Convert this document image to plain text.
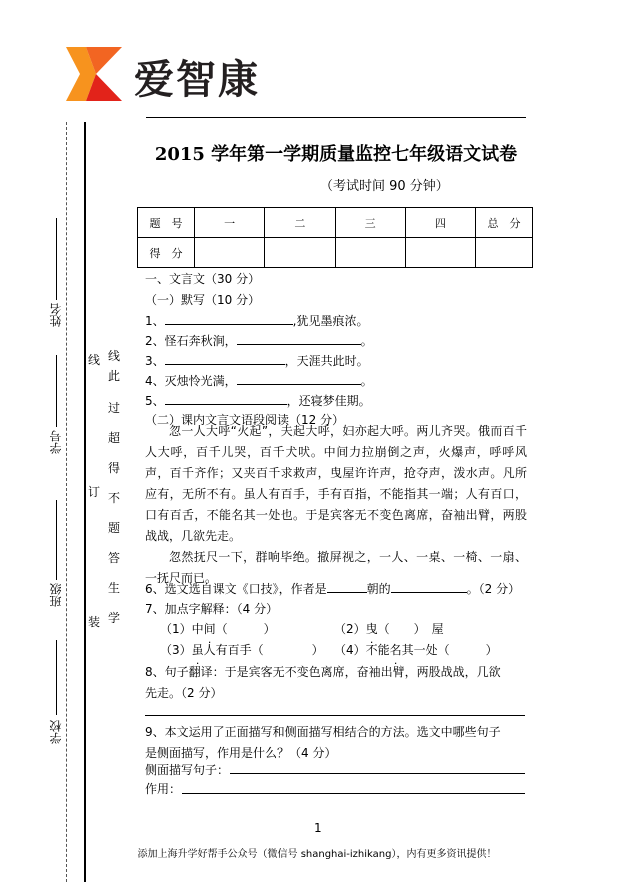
爱智康
姓名
学号
班级
学校
线
订
装
线
此
过
超
得
不
题
答
生
学
2015 学年第一学期质量监控七年级语文试卷
（考试时间 90 分钟）
题　号	一	二	三	四	总　分
得　分					
一、文言文（30 分）
（一）默写（10 分）
1、	,犹见墨痕浓。
2、怪石奔秋涧，	。
3、	，天涯共此时。
4、灭烛怜光满，	。
5、	，还寝梦佳期。
（二）课内文言文语段阅读（12 分）

忽一人大呼“火起”，夫起大呼，妇亦起大呼。两儿齐哭。俄而百千人大呼，百千儿哭，百千犬吠。中间力拉崩倒之声，火爆声，呼呼风声，百千齐作；又夹百千求救声，曳屋许许声，抢夺声，泼水声。凡所应有，无所不有。虽人有百手，手有百指，不能指其一端；人有百口，口有百舌，不能名其一处也。于是宾客无不变色离席，奋袖出臂，两股战战，几欲先走。

忽然抚尺一下，群响毕绝。撤屏视之，一人、一桌、一椅、一扇、一抚尺而已。

6、选文选自课文《口技》，作者是	朝的	。（2 分）
7、加点字解释：（4 分）
（1）中间（　　　）	（2）曳（　　）　屋
（3）虽人有百手（　　　　） （4）不能名其一处（　　　）
8、句子翻译：于是宾客无不变色离席，奋袖出臂，两股战战，几欲
先走。（2 分）
9、本文运用了正面描写和侧面描写相结合的方法。选文中哪些句子
是侧面描写，作用是什么？（4 分）
侧面描写句子：
作用：
1
添加上海升学好帮手公众号（微信号 shanghai-izhikang），内有更多资讯提供！
